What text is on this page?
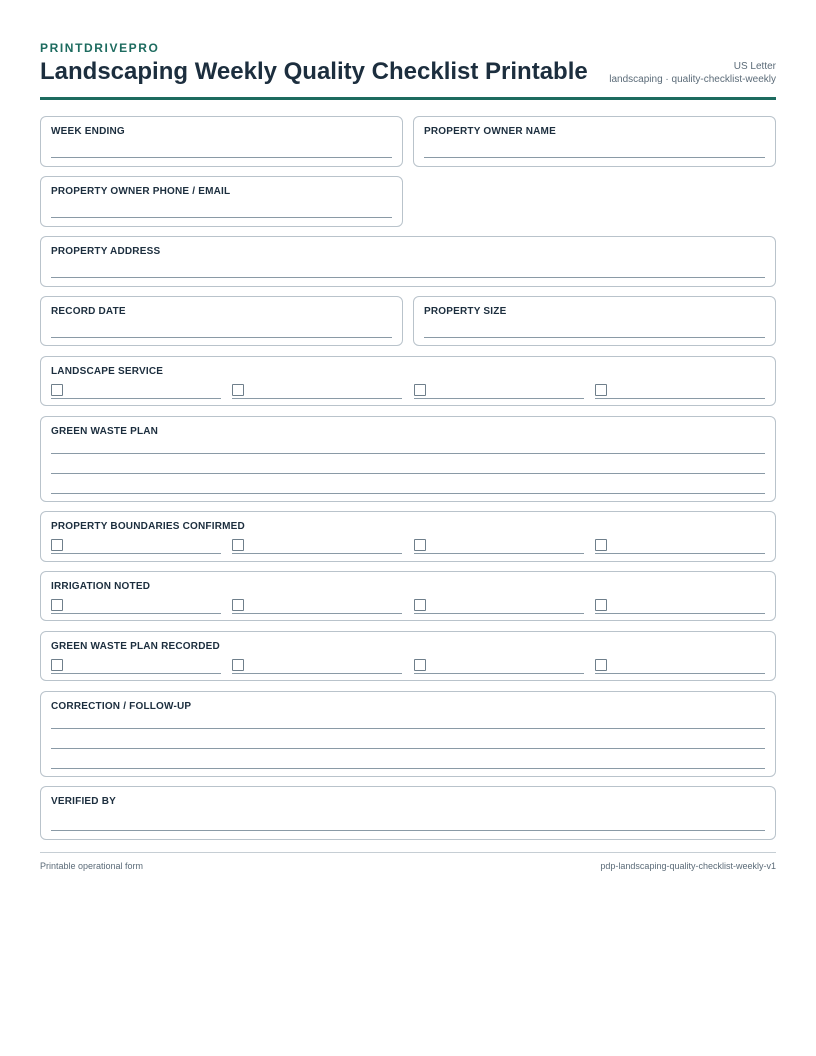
PRINTDRIVEPRO
Landscaping Weekly Quality Checklist Printable	US Letter
landscaping · quality-checklist-weekly
WEEK ENDING	PROPERTY OWNER NAME
PROPERTY OWNER PHONE / EMAIL
PROPERTY ADDRESS
RECORD DATE	PROPERTY SIZE
LANDSCAPE SERVICE
GREEN WASTE PLAN
PROPERTY BOUNDARIES CONFIRMED
IRRIGATION NOTED
GREEN WASTE PLAN RECORDED
CORRECTION / FOLLOW-UP
VERIFIED BY
Printable operational form	pdp-landscaping-quality-checklist-weekly-v1
